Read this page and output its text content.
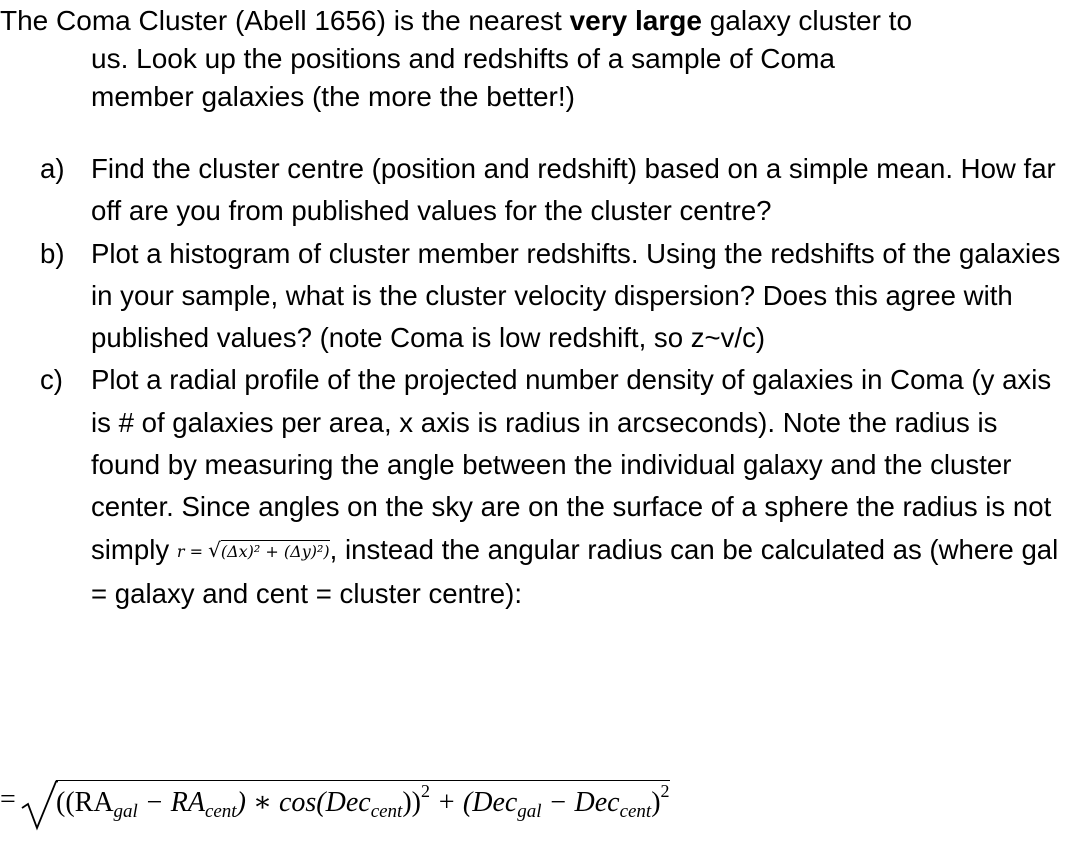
The Coma Cluster (Abell 1656) is the nearest very large galaxy cluster to
us. Look up the positions and redshifts of a sample of Coma
member galaxies (the more the better!)

a) Find the cluster centre (position and redshift) based on a simple mean. How far off are you from published values for the cluster centre?
b) Plot a histogram of cluster member redshifts. Using the redshifts of the galaxies in your sample, what is the cluster velocity dispersion? Does this agree with published values? (note Coma is low redshift, so z~v/c)
c) Plot a radial profile of the projected number density of galaxies in Coma (y axis is # of galaxies per area, x axis is radius in arcseconds). Note the radius is found by measuring the angle between the individual galaxy and the cluster center. Since angles on the sky are on the surface of a sphere the radius is not simply r = √(Δx)² + (Δy)²), instead the angular radius can be calculated as (where gal = galaxy and cent = cluster centre):
= ($(RA_{gal} - RA_{cent})$ ∗ $\cos(Dec_{cent}))^2 + (Dec_{gal} - Dec_{cent})^2$
